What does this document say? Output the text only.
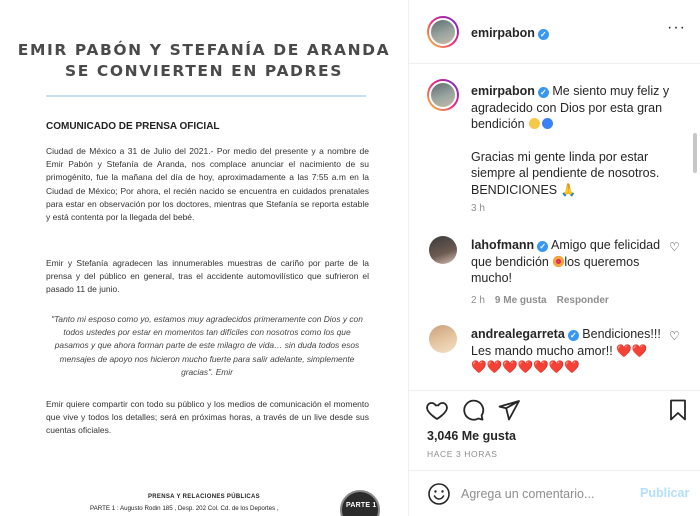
EMIR PABÓN Y STEFANÍA DE ARANDA
SE CONVIERTEN EN PADRES
COMUNICADO DE PRENSA OFICIAL
Ciudad de México a 31 de Julio del 2021.- Por medio del presente y a nombre de Emir Pabón y Stefanía de Aranda, nos complace anunciar el nacimiento de su primogénito, fue la mañana del día de hoy, aproximadamente a las 7:55 a.m en la Ciudad de México; Por ahora, el recién nacido se encuentra en cuidados prenatales para estar en observación por los doctores, mientras que Stefanía se reporta estable y está contenta por la llegada del bebé.
Emir y Stefanía agradecen las innumerables muestras de cariño por parte de la prensa y del público en general, tras el accidente automovilístico que sufrieron el pasado 11 de junio.
"Tanto mi esposo como yo, estamos muy agradecidos primeramente con Dios y con todos ustedes por estar en momentos tan difíciles con nosotros como los que pasamos y que ahora forman parte de este milagro de vida… sin duda todos esos mensajes de apoyo nos hicieron mucho fuerte para salir adelante, simplemente gracias". Emir
Emir quiere compartir con todo su público y los medios de comunicación el momento que vive y todos los detalles; será en próximas horas, a través de un live desde sus cuentas oficiales.
PRENSA Y RELACIONES PÚBLICAS
PARTE 1 : Augusto Rodin 185 , Desp. 202 Col. Cd. de los Deportes ,	PARTE 1
emirpabon ✓	···
emirpabon ✓ Me siento muy feliz y agradecido con Dios por esta gran bendición
Gracias mi gente linda por estar siempre al pendiente de nosotros. BENDICIONES 🙏
3 h
lahofmann ✓ Amigo que felicidad que bendición los queremos mucho!
♡
2 h 9 Me gusta Responder
andrealegarreta ✓ Bendiciones!!!
Les mando mucho amor!! ❤️❤️
❤️❤️❤️❤️❤️❤️❤️
♡
3,046 Me gusta
HACE 3 HORAS
Agrega un comentario...
Publicar
